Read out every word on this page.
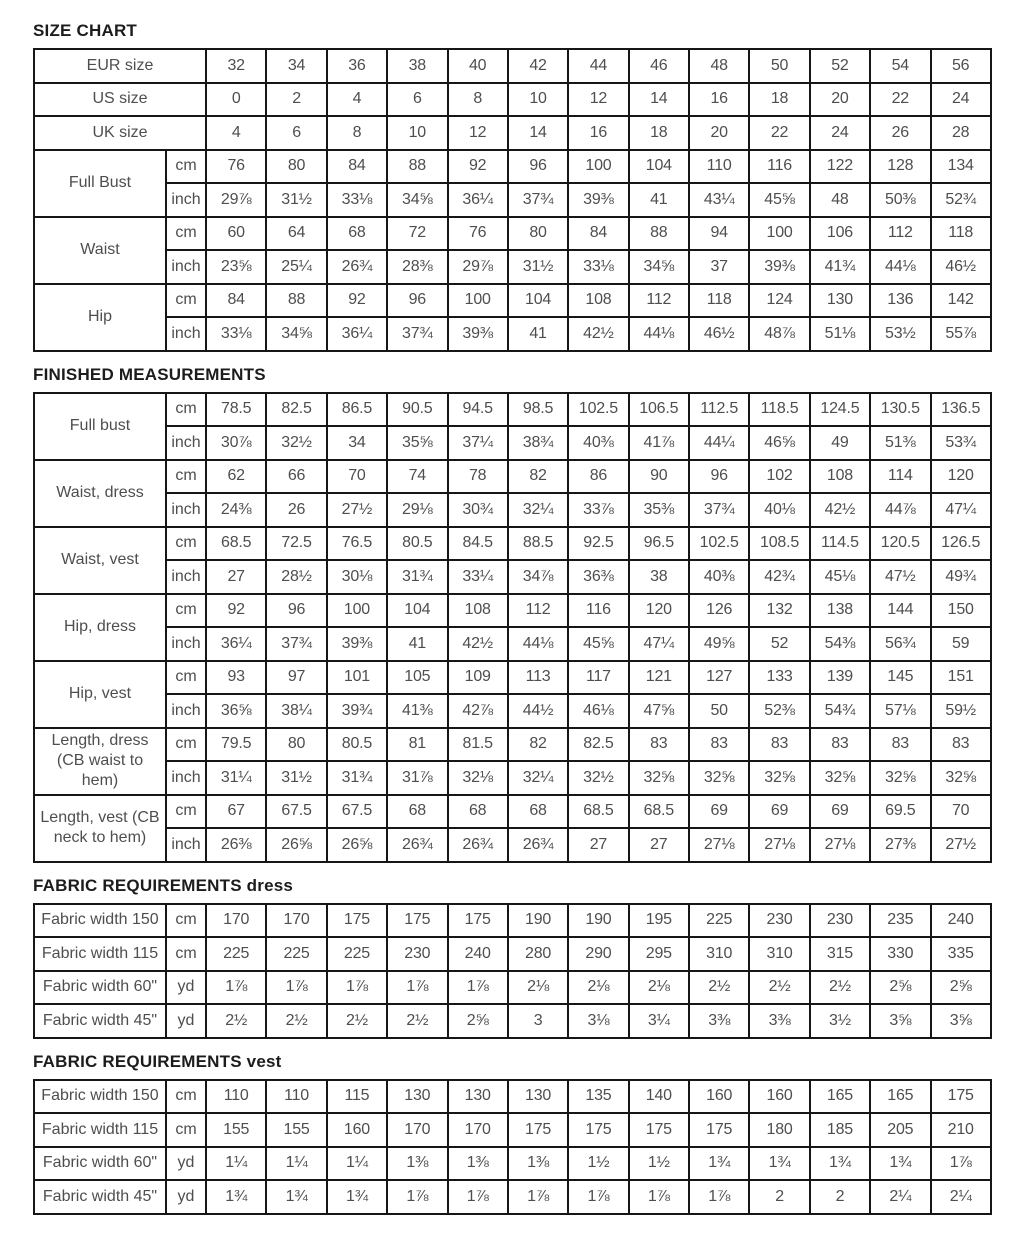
SIZE CHART
EUR size		32	34	36	38	40	42	44	46	48	50	52	54	56
US size		0	2	4	6	8	10	12	14	16	18	20	22	24
UK size		4	6	8	10	12	14	16	18	20	22	24	26	28
Full Bust	cm	76	80	84	88	92	96	100	104	110	116	122	128	134
	inch	29⅞	31½	33⅛	34⅝	36¼	37¾	39⅜	41	43¼	45⅝	48	50⅜	52¾
Waist	cm	60	64	68	72	76	80	84	88	94	100	106	112	118
	inch	23⅝	25¼	26¾	28⅜	29⅞	31½	33⅛	34⅝	37	39⅜	41¾	44⅛	46½
Hip	cm	84	88	92	96	100	104	108	112	118	124	130	136	142
	inch	33⅛	34⅝	36¼	37¾	39⅜	41	42½	44⅛	46½	48⅞	51⅛	53½	55⅞
FINISHED MEASUREMENTS
Full bust	cm	78.5	82.5	86.5	90.5	94.5	98.5	102.5	106.5	112.5	118.5	124.5	130.5	136.5
	inch	30⅞	32½	34	35⅝	37¼	38¾	40⅜	41⅞	44¼	46⅝	49	51⅜	53¾
Waist, dress	cm	62	66	70	74	78	82	86	90	96	102	108	114	120
	inch	24⅜	26	27½	29⅛	30¾	32¼	33⅞	35⅜	37¾	40⅛	42½	44⅞	47¼
Waist, vest	cm	68.5	72.5	76.5	80.5	84.5	88.5	92.5	96.5	102.5	108.5	114.5	120.5	126.5
	inch	27	28½	30⅛	31¾	33¼	34⅞	36⅜	38	40⅜	42¾	45⅛	47½	49¾
Hip, dress	cm	92	96	100	104	108	112	116	120	126	132	138	144	150
	inch	36¼	37¾	39⅜	41	42½	44⅛	45⅝	47¼	49⅝	52	54⅜	56¾	59
Hip, vest	cm	93	97	101	105	109	113	117	121	127	133	139	145	151
	inch	36⅝	38¼	39¾	41⅜	42⅞	44½	46⅛	47⅝	50	52⅜	54¾	57⅛	59½
Length, dress (CB waist to hem)	cm	79.5	80	80.5	81	81.5	82	82.5	83	83	83	83	83	83
	inch	31¼	31½	31¾	31⅞	32⅛	32¼	32½	32⅝	32⅝	32⅝	32⅝	32⅝	32⅝
Length, vest (CB neck to hem)	cm	67	67.5	67.5	68	68	68	68.5	68.5	69	69	69	69.5	70
	inch	26⅜	26⅝	26⅝	26¾	26¾	26¾	27	27	27⅛	27⅛	27⅛	27⅜	27½
FABRIC REQUIREMENTS dress
Fabric width 150	cm	170	170	175	175	175	190	190	195	225	230	230	235	240
Fabric width 115	cm	225	225	225	230	240	280	290	295	310	310	315	330	335
Fabric width 60"	yd	1⅞	1⅞	1⅞	1⅞	1⅞	2⅛	2⅛	2⅛	2½	2½	2½	2⅝	2⅝
Fabric width 45"	yd	2½	2½	2½	2½	2⅝	3	3⅛	3¼	3⅜	3⅜	3½	3⅝	3⅝
FABRIC REQUIREMENTS vest
Fabric width 150	cm	110	110	115	130	130	130	135	140	160	160	165	165	175
Fabric width 115	cm	155	155	160	170	170	175	175	175	175	180	185	205	210
Fabric width 60"	yd	1¼	1¼	1¼	1⅜	1⅜	1⅜	1½	1½	1¾	1¾	1¾	1¾	1⅞
Fabric width 45"	yd	1¾	1¾	1¾	1⅞	1⅞	1⅞	1⅞	1⅞	1⅞	2	2	2¼	2¼
